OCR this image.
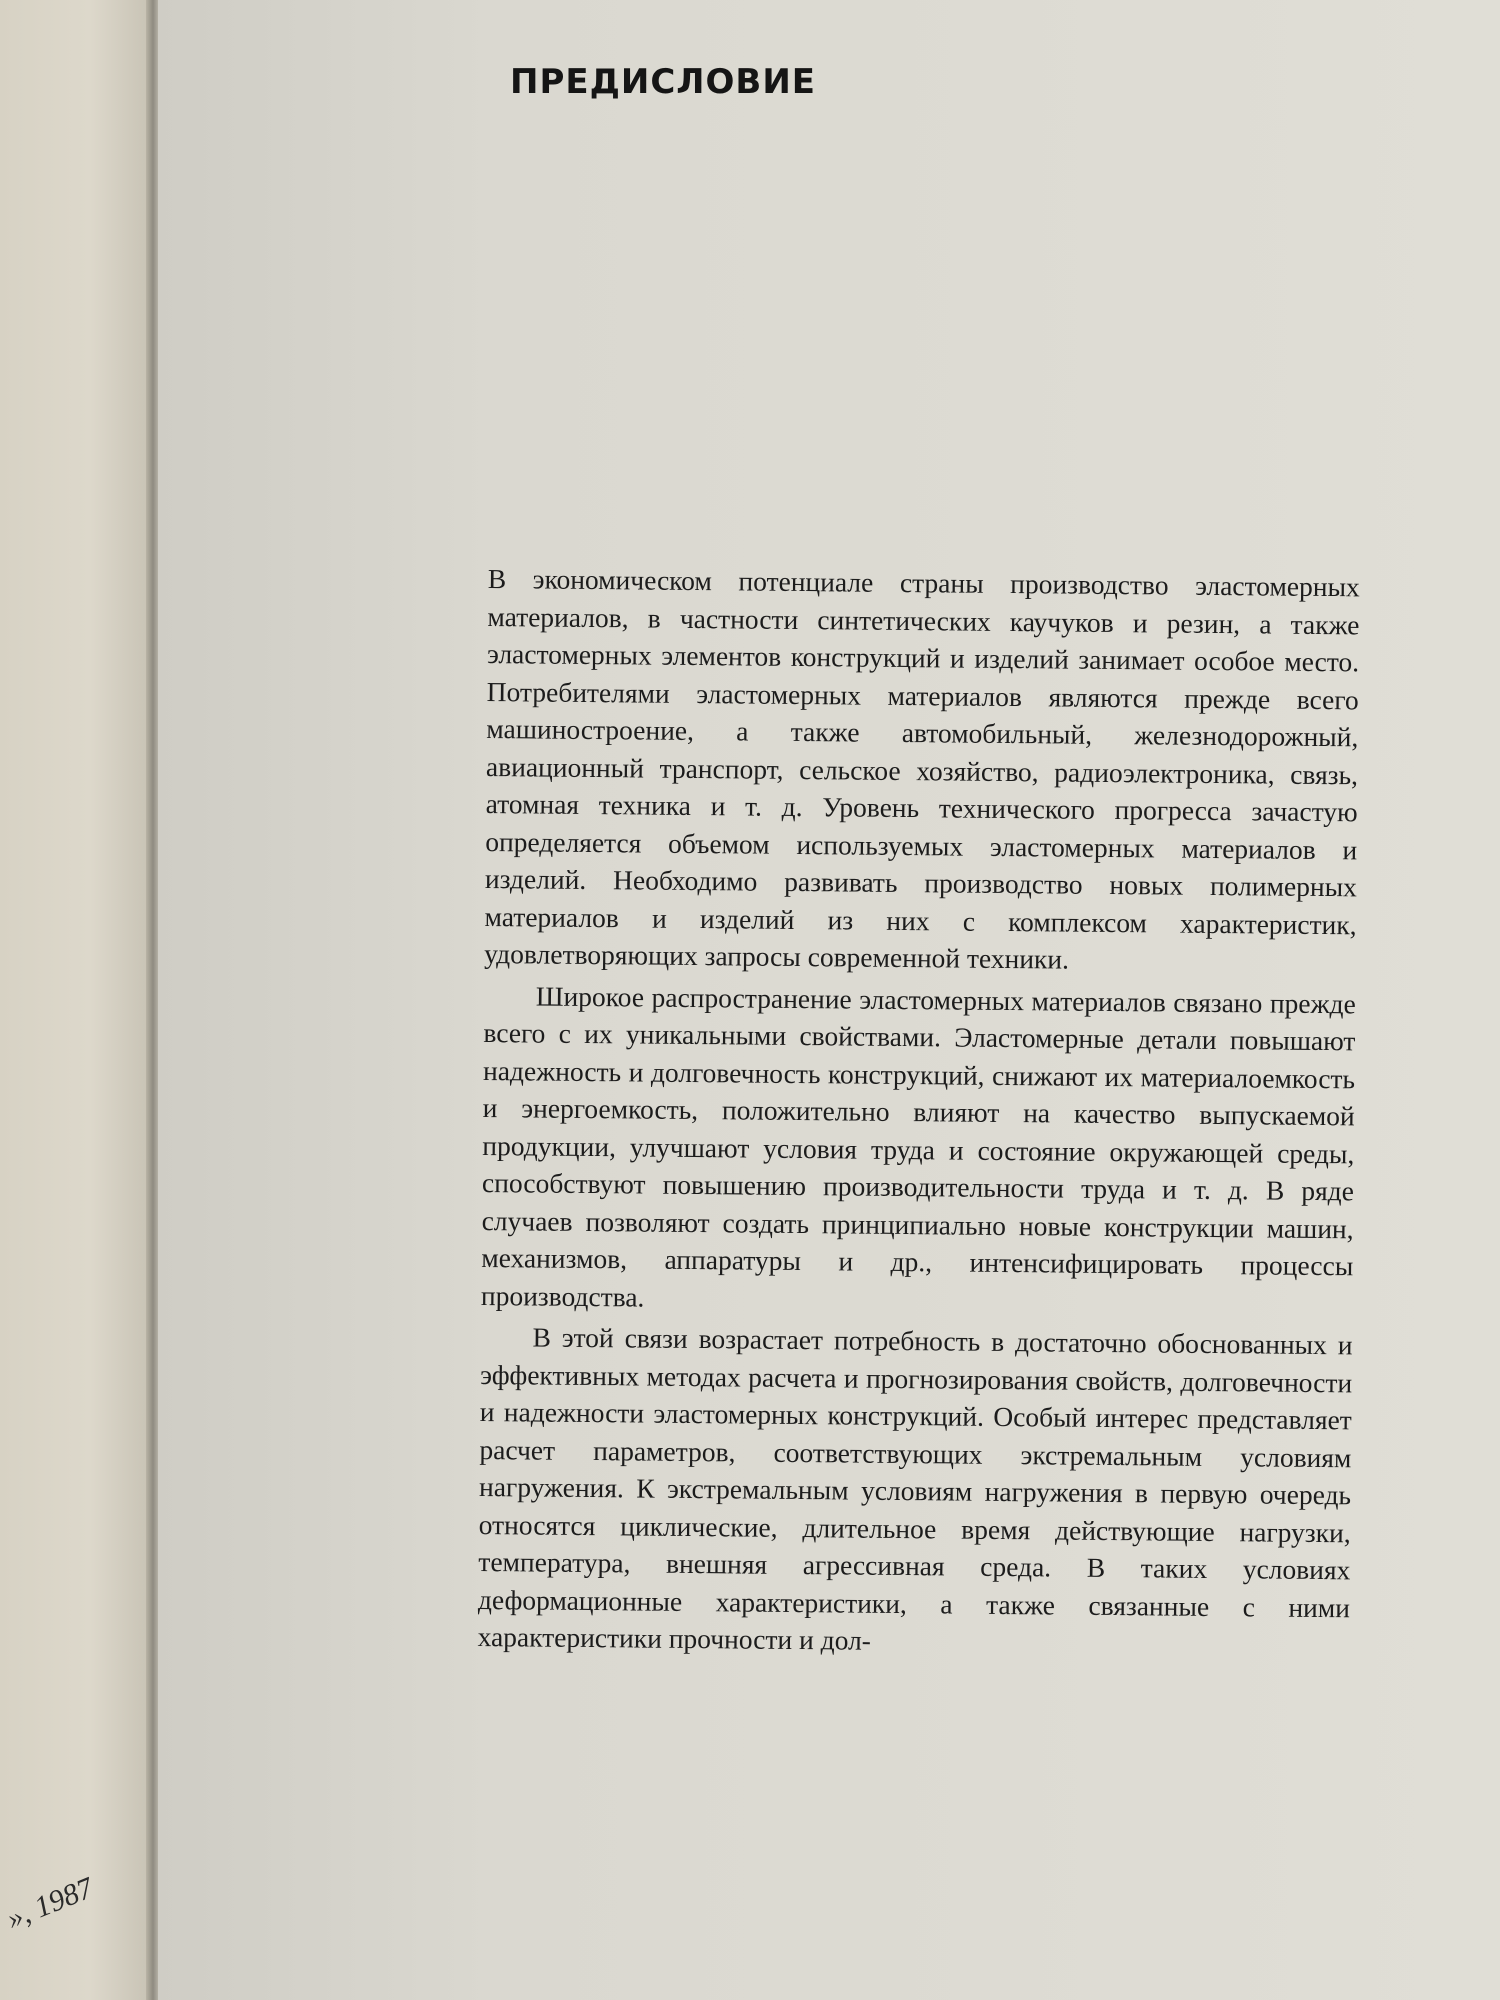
», 1987
ПРЕДИСЛОВИЕ

В экономическом потенциале страны производство эластомерных материалов, в частности синтетических каучуков и резин, а также эластомерных элементов конструкций и изделий занимает особое место. Потребителями эластомерных материалов являются прежде всего машиностроение, а также автомобильный, железнодорожный, авиационный транспорт, сельское хозяйство, радиоэлектроника, связь, атомная техника и т. д. Уровень технического прогресса зачастую определяется объемом используемых эластомерных материалов и изделий. Необходимо развивать производство новых полимерных материалов и изделий из них с комплексом характеристик, удовлетворяющих запросы современной техники.

Широкое распространение эластомерных материалов связано прежде всего с их уникальными свойствами. Эластомерные детали повышают надежность и долговечность конструкций, снижают их материалоемкость и энергоемкость, положительно влияют на качество выпускаемой продукции, улучшают условия труда и состояние окружающей среды, способствуют повышению производительности труда и т. д. В ряде случаев позволяют создать принципиально новые конструкции машин, механизмов, аппаратуры и др., интенсифицировать процессы производства.

В этой связи возрастает потребность в достаточно обоснованных и эффективных методах расчета и прогнозирования свойств, долговечности и надежности эластомерных конструкций. Особый интерес представляет расчет параметров, соответствующих экстремальным условиям нагружения. К экстремальным условиям нагружения в первую очередь относятся циклические, длительное время действующие нагрузки, температура, внешняя агрессивная среда. В таких условиях деформационные характеристики, а также связанные с ними характеристики прочности и дол-
